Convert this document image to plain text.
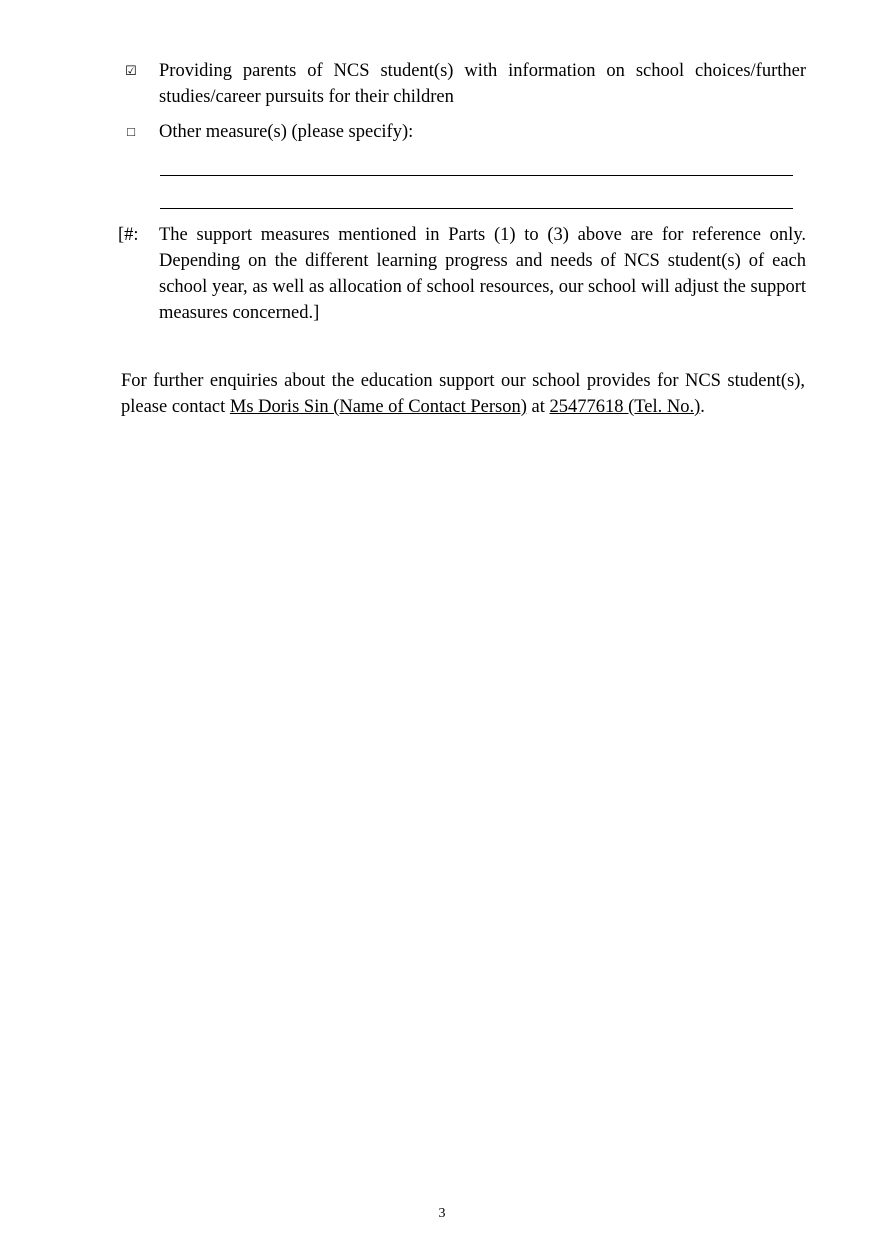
☑ Providing parents of NCS student(s) with information on school choices/further studies/career pursuits for their children
□	Other measure(s) (please specify):
[#: The support measures mentioned in Parts (1) to (3) above are for reference only. Depending on the different learning progress and needs of NCS student(s) of each school year, as well as allocation of school resources, our school will adjust the support measures concerned.]
For further enquiries about the education support our school provides for NCS student(s), please contact Ms Doris Sin (Name of Contact Person) at 25477618 (Tel. No.).
3
